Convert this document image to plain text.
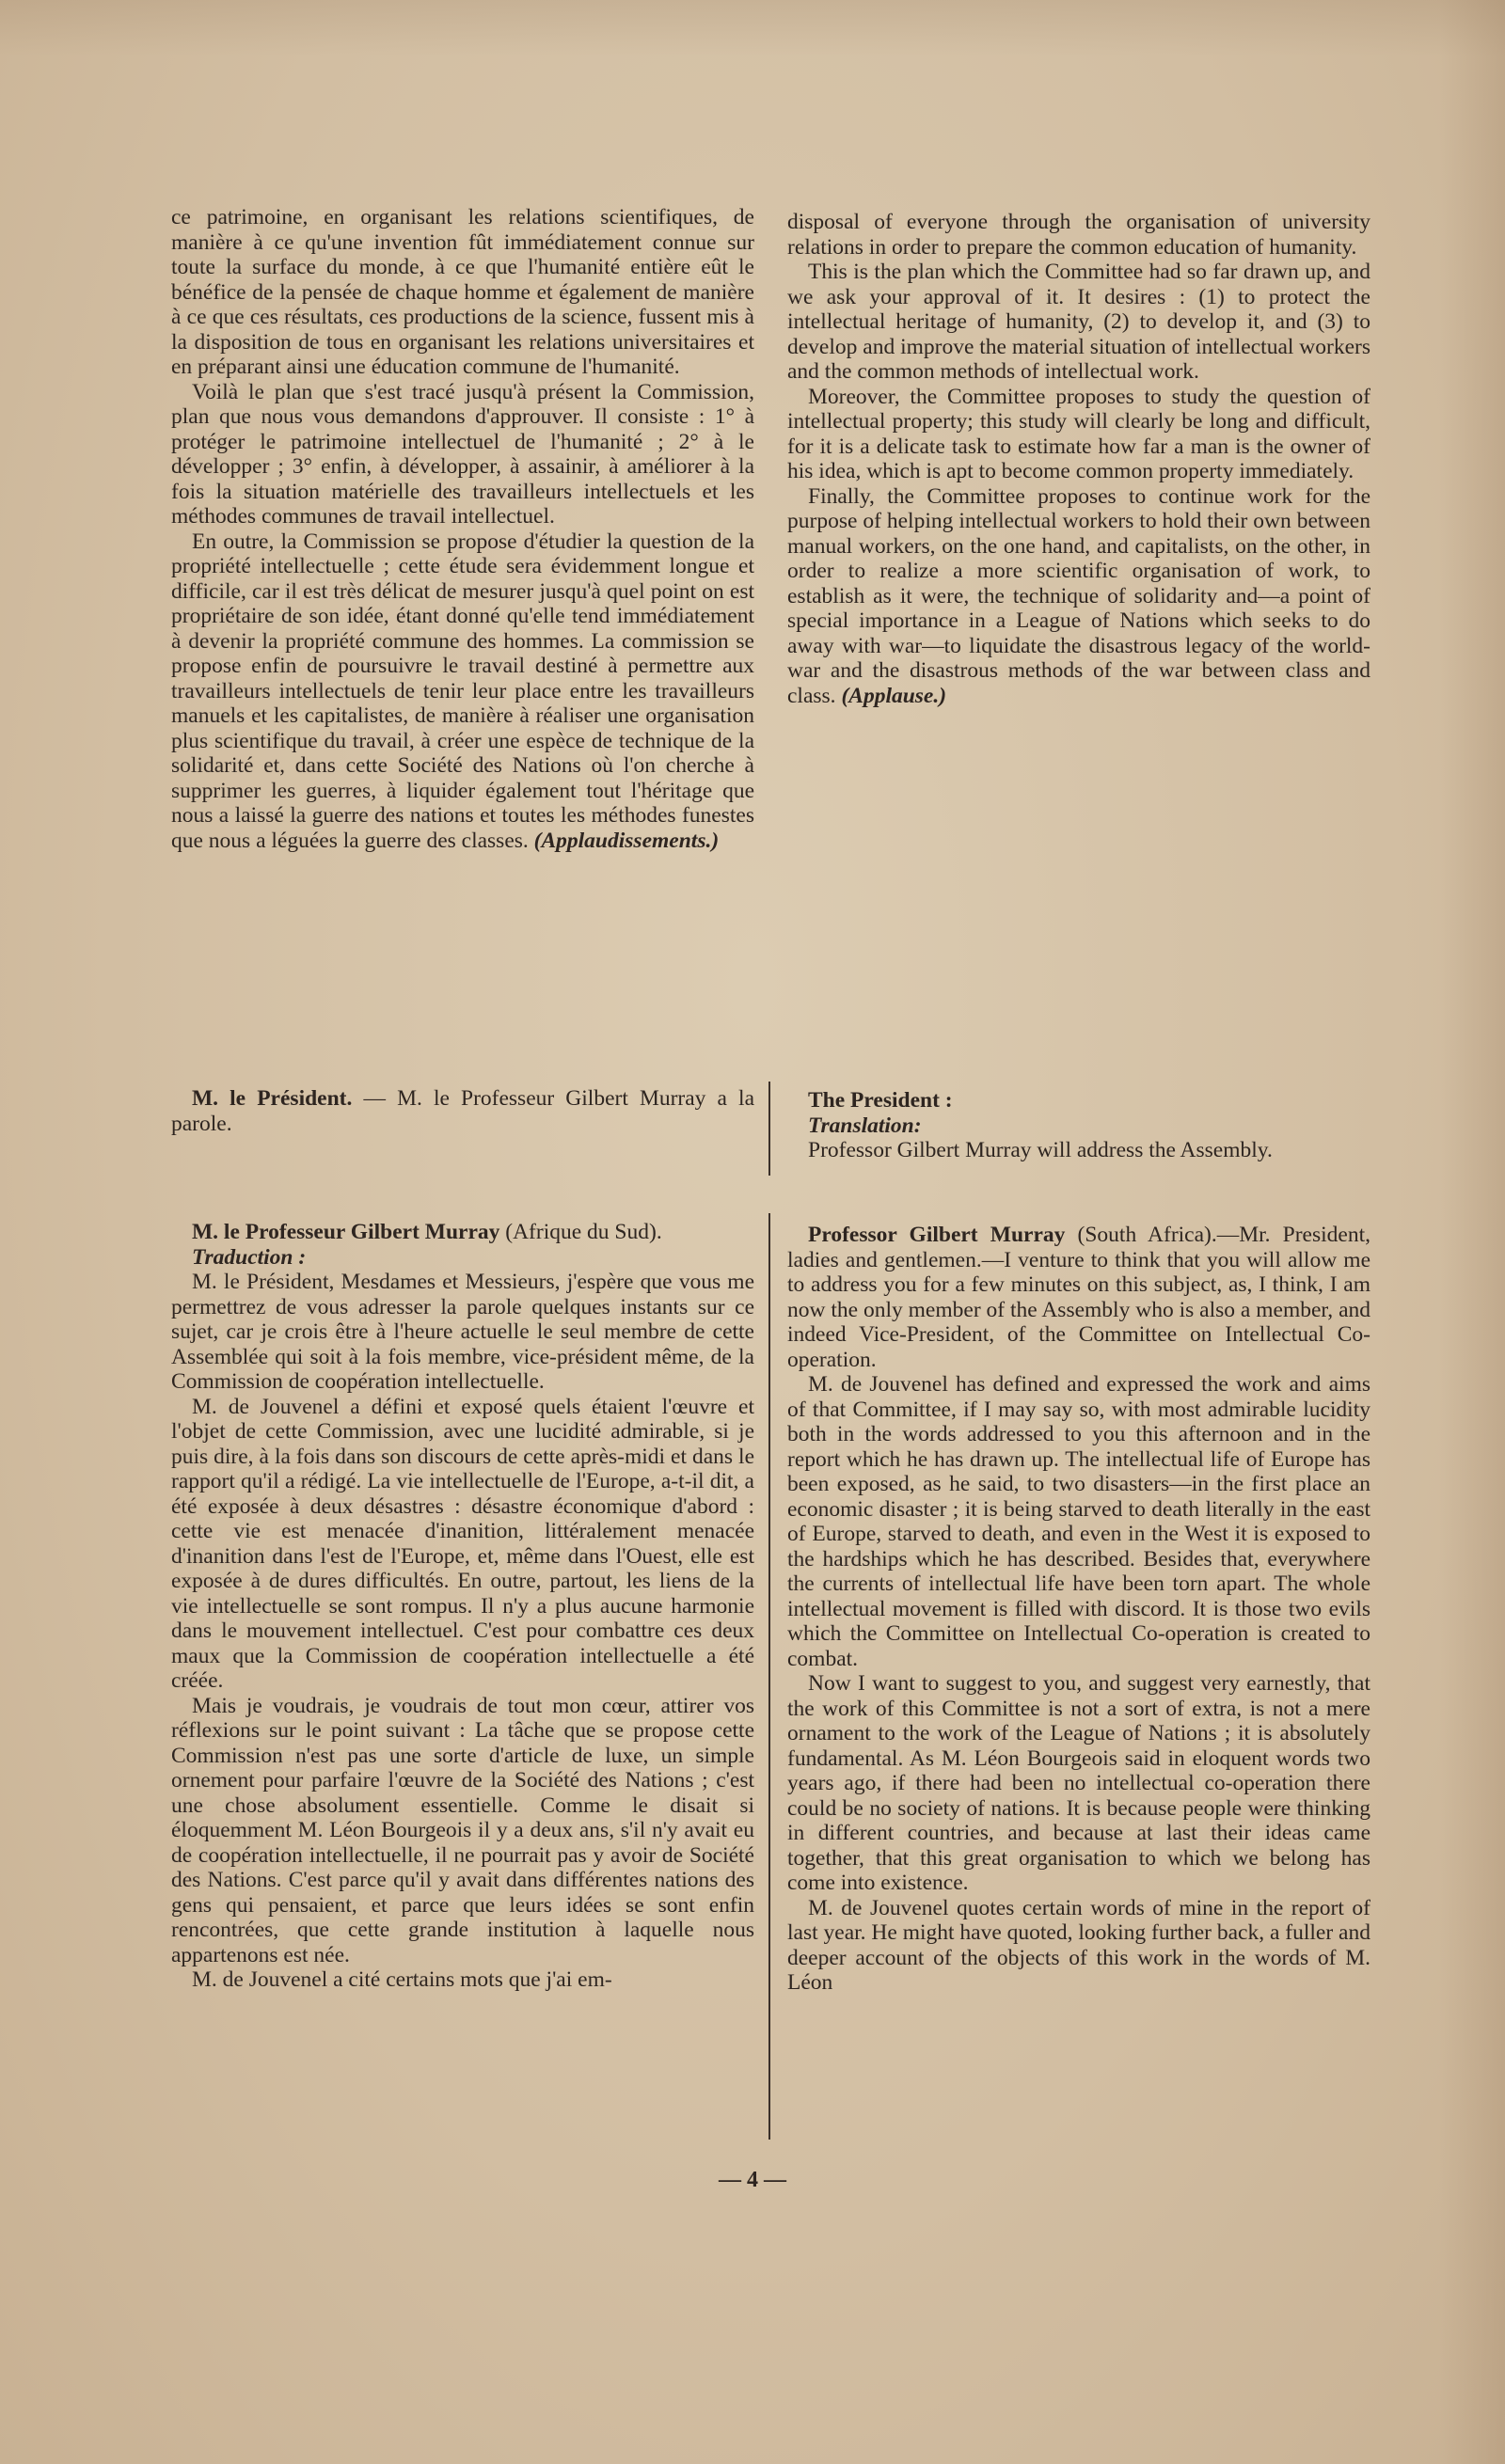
ce patrimoine, en organisant les relations scientifiques, de manière à ce qu'une invention fût immédiatement connue sur toute la surface du monde, à ce que l'humanité entière eût le bénéfice de la pensée de chaque homme et également de manière à ce que ces résultats, ces productions de la science, fussent mis à la disposition de tous en organisant les relations universitaires et en préparant ainsi une éducation commune de l'humanité.

Voilà le plan que s'est tracé jusqu'à présent la Commission, plan que nous vous demandons d'approuver. Il consiste : 1° à protéger le patrimoine intellectuel de l'humanité ; 2° à le développer ; 3° enfin, à développer, à assainir, à améliorer à la fois la situation matérielle des travailleurs intellectuels et les méthodes communes de travail intellectuel.

En outre, la Commission se propose d'étudier la question de la propriété intellectuelle ; cette étude sera évidemment longue et difficile, car il est très délicat de mesurer jusqu'à quel point on est propriétaire de son idée, étant donné qu'elle tend immédiatement à devenir la propriété commune des hommes. La commission se propose enfin de poursuivre le travail destiné à permettre aux travailleurs intellectuels de tenir leur place entre les travailleurs manuels et les capitalistes, de manière à réaliser une organisation plus scientifique du travail, à créer une espèce de technique de la solidarité et, dans cette Société des Nations où l'on cherche à supprimer les guerres, à liquider également tout l'héritage que nous a laissé la guerre des nations et toutes les méthodes funestes que nous a léguées la guerre des classes. (Applaudissements.)

M. le Président. — M. le Professeur Gilbert Murray a la parole.

M. le Professeur Gilbert Murray (Afrique du Sud).

Traduction :

M. le Président, Mesdames et Messieurs, j'espère que vous me permettrez de vous adresser la parole quelques instants sur ce sujet, car je crois être à l'heure actuelle le seul membre de cette Assemblée qui soit à la fois membre, vice-président même, de la Commission de coopération intellectuelle.

M. de Jouvenel a défini et exposé quels étaient l'œuvre et l'objet de cette Commission, avec une lucidité admirable, si je puis dire, à la fois dans son discours de cette après-midi et dans le rapport qu'il a rédigé. La vie intellectuelle de l'Europe, a-t-il dit, a été exposée à deux désastres : désastre économique d'abord : cette vie est menacée d'inanition, littéralement menacée d'inanition dans l'est de l'Europe, et, même dans l'Ouest, elle est exposée à de dures difficultés. En outre, partout, les liens de la vie intellectuelle se sont rompus. Il n'y a plus aucune harmonie dans le mouvement intellectuel. C'est pour combattre ces deux maux que la Commission de coopération intellectuelle a été créée.

Mais je voudrais, je voudrais de tout mon cœur, attirer vos réflexions sur le point suivant : La tâche que se propose cette Commission n'est pas une sorte d'article de luxe, un simple ornement pour parfaire l'œuvre de la Société des Nations ; c'est une chose absolument essentielle. Comme le disait si éloquemment M. Léon Bourgeois il y a deux ans, s'il n'y avait eu de coopération intellectuelle, il ne pourrait pas y avoir de Société des Nations. C'est parce qu'il y avait dans différentes nations des gens qui pensaient, et parce que leurs idées se sont enfin rencontrées, que cette grande institution à laquelle nous appartenons est née.

M. de Jouvenel a cité certains mots que j'ai em-

disposal of everyone through the organisation of university relations in order to prepare the common education of humanity.

This is the plan which the Committee had so far drawn up, and we ask your approval of it. It desires : (1) to protect the intellectual heritage of humanity, (2) to develop it, and (3) to develop and improve the material situation of intellectual workers and the common methods of intellectual work.

Moreover, the Committee proposes to study the question of intellectual property; this study will clearly be long and difficult, for it is a delicate task to estimate how far a man is the owner of his idea, which is apt to become common property immediately.

Finally, the Committee proposes to continue work for the purpose of helping intellectual workers to hold their own between manual workers, on the one hand, and capitalists, on the other, in order to realize a more scientific organisation of work, to establish as it were, the technique of solidarity and—a point of special importance in a League of Nations which seeks to do away with war—to liquidate the disastrous legacy of the world-war and the disastrous methods of the war between class and class. (Applause.)

The President :

Translation:

Professor Gilbert Murray will address the Assembly.

Professor Gilbert Murray (South Africa).—Mr. President, ladies and gentlemen.—I venture to think that you will allow me to address you for a few minutes on this subject, as, I think, I am now the only member of the Assembly who is also a member, and indeed Vice-President, of the Committee on Intellectual Co-operation.

M. de Jouvenel has defined and expressed the work and aims of that Committee, if I may say so, with most admirable lucidity both in the words addressed to you this afternoon and in the report which he has drawn up. The intellectual life of Europe has been exposed, as he said, to two disasters—in the first place an economic disaster ; it is being starved to death literally in the east of Europe, starved to death, and even in the West it is exposed to the hardships which he has described. Besides that, everywhere the currents of intellectual life have been torn apart. The whole intellectual movement is filled with discord. It is those two evils which the Committee on Intellectual Co-operation is created to combat.

Now I want to suggest to you, and suggest very earnestly, that the work of this Committee is not a sort of extra, is not a mere ornament to the work of the League of Nations ; it is absolutely fundamental. As M. Léon Bourgeois said in eloquent words two years ago, if there had been no intellectual co-operation there could be no society of nations. It is because people were thinking in different countries, and because at last their ideas came together, that this great organisation to which we belong has come into existence.

M. de Jouvenel quotes certain words of mine in the report of last year. He might have quoted, looking further back, a fuller and deeper account of the objects of this work in the words of M. Léon

— 4 —
